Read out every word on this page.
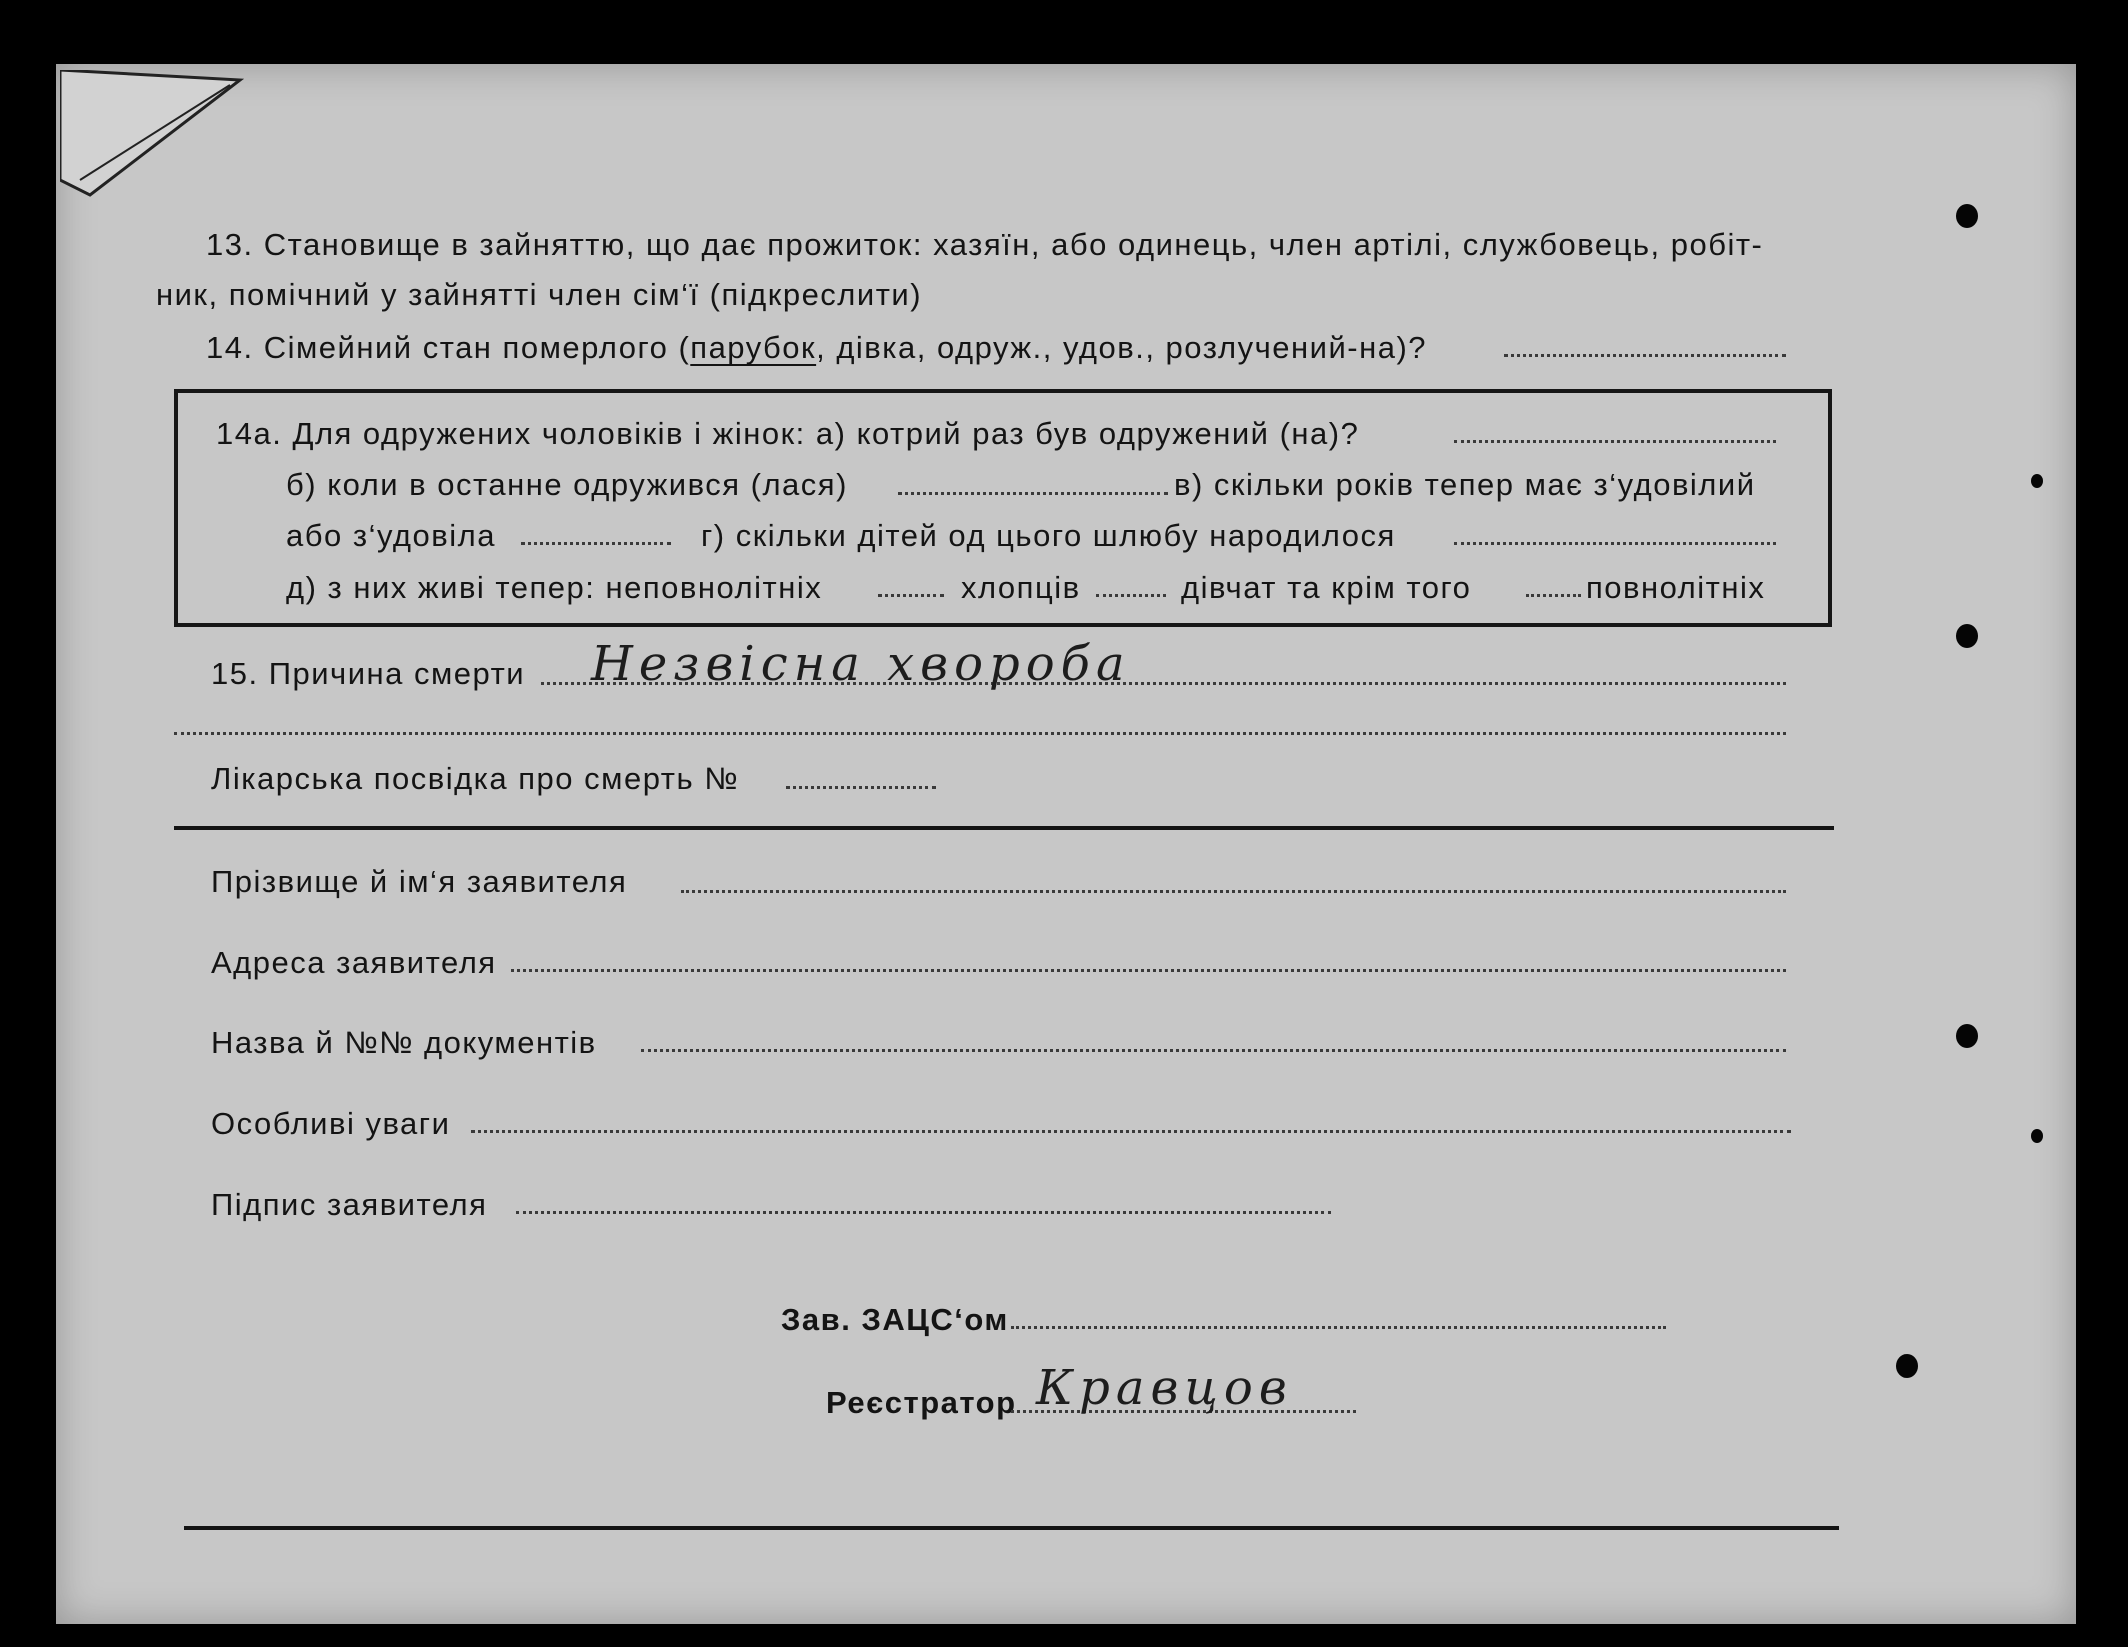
13. Становище в зайняттю, що дає прожиток: хазяїн, або одинець, член артілі, службовець, робіт-
ник, помічний у зайнятті член сім‘ї (підкреслити)
14. Сімейний стан померлого (парубок, дівка, одруж., удов., розлучений-на)?
14а. Для одружених чоловіків і жінок: а) котрий раз був одружений (на)?
б) коли в останне одружився (лася)	в) скільки років тепер має з‘удовілий
або з‘удовіла	г) скільки дітей од цього шлюбу народилося
д) з них живі тепер: неповнолітніх	хлопців	дівчат та крім того	повнолітніх
15. Причина смерти Незвісна хвороба
Лікарська посвідка про смерть №
Прізвище й ім‘я заявителя
Адреса заявителя
Назва й №№ документів
Особливі уваги
Підпис заявителя
Зав. ЗАЦС‘ом
Реєстратор Кравцов
